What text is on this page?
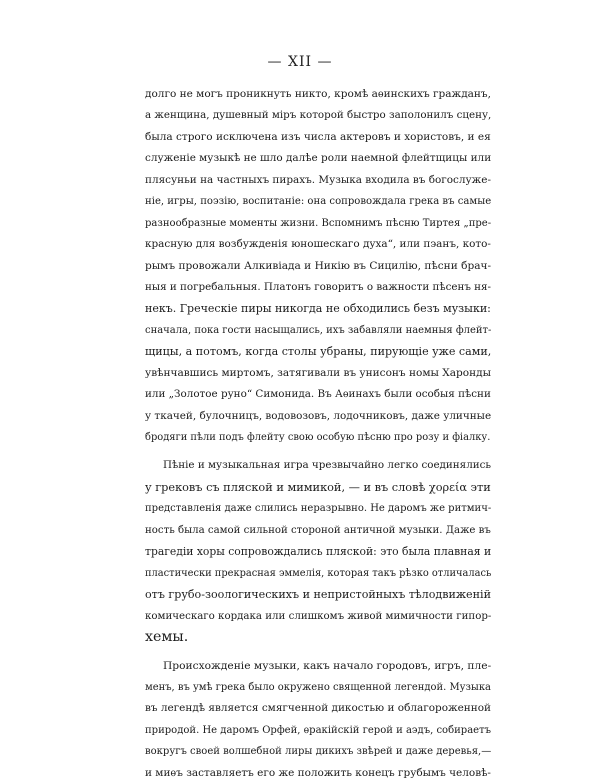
— XII —
долго не могъ проникнуть никто, кромѣ аѳинскихъ гражданъ,
а женщина, душевный міръ которой быстро заполонилъ сцену,
была строго исключена изъ числа актеровъ и хористовъ, и ея
служеніе музыкѣ не шло далѣе роли наемной флейтщицы или
плясуньи на частныхъ пирахъ. Музыка входила въ богослуже-
ніе, игры, поэзію, воспитаніе: она сопровождала грека въ самые
разнообразные моменты жизни. Вспомнимъ пѣсню Тиртея „пре-
красную для возбужденія юношескаго духа“, или пэанъ, кото-
рымъ провожали Алкивіада и Никію въ Сицилію, пѣсни брач-
ныя и погребальныя. Платонъ говоритъ о важности пѣсенъ ня-
некъ. Греческіе пиры никогда не обходились безъ музыки:
сначала, пока гости насыщались, ихъ забавляли наемныя флейт-
щицы, а потомъ, когда столы убраны, пирующіе уже сами,
увѣнчавшись миртомъ, затягивали въ унисонъ номы Харонды
или „Золотое руно“ Симонида. Въ Аѳинахъ были особыя пѣсни
у ткачей, булочницъ, водовозовъ, лодочниковъ, даже уличные
бродяги пѣли подъ флейту свою особую пѣсню про розу и фіалку.
Пѣніе и музыкальная игра чрезвычайно легко соединялись
у грековъ съ пляской и мимикой, — и въ словѣ χορεία эти
представленія даже слились неразрывно. Не даромъ же ритмич-
ность была самой сильной стороной античной музыки. Даже въ
трагедіи хоры сопровождались пляской: это была плавная и
пластически прекрасная эммелія, которая такъ рѣзко отличалась
отъ грубо-зоологическихъ и непристойныхъ тѣлодвиженій
комическаго кордака или слишкомъ живой мимичности гипор-
хемы.
Происхожденіе музыки, какъ начало городовъ, игръ, пле-
менъ, въ умѣ грека было окружено священной легендой. Музыка
въ легендѣ является смягченной дикостью и облагороженной
природой. Не даромъ Орфей, ѳракійскій герой и аэдъ, собираетъ
вокругъ своей волшебной лиры дикихъ звѣрей и даже деревья,—
и миѳъ заставляетъ его же положить конецъ грубымъ человѣ-
